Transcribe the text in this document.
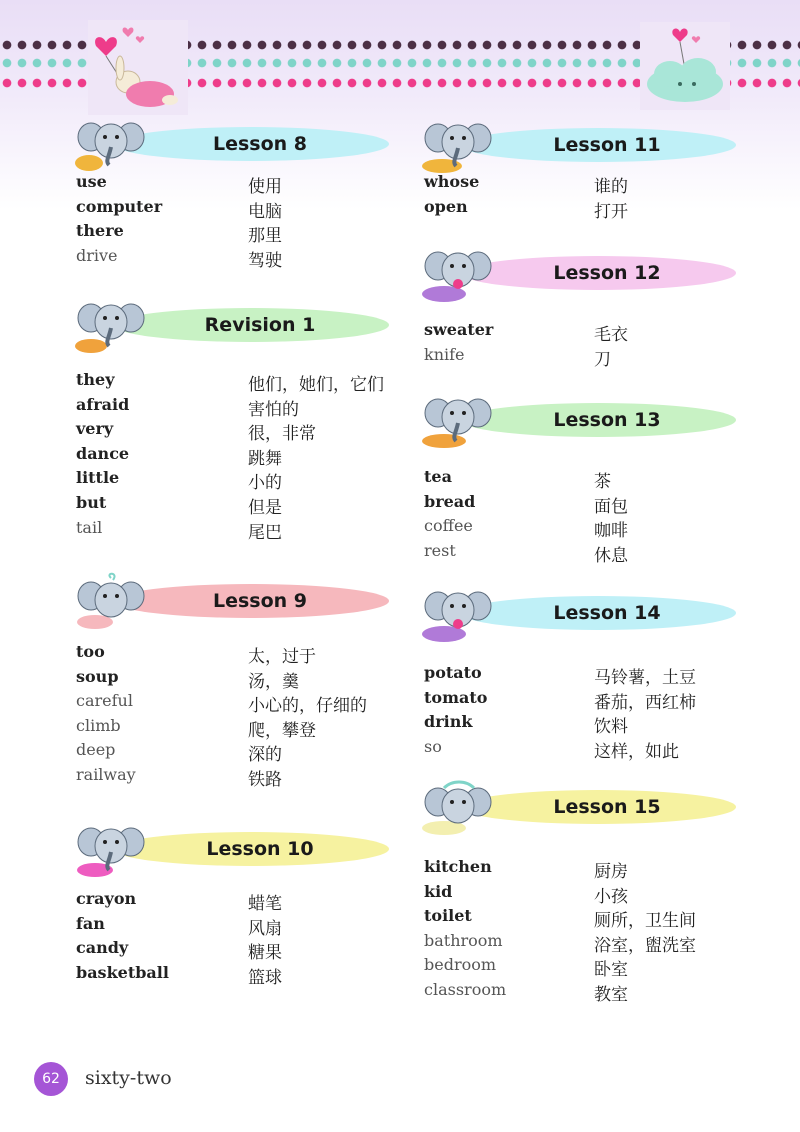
Lesson 8
use	使用
computer	电脑
there	那里
drive	驾驶
Revision 1
they	他们，她们，它们
afraid	害怕的
very	很，非常
dance	跳舞
little	小的
but	但是
tail	尾巴
Lesson 9
too	太，过于
soup	汤，羹
careful	小心的，仔细的
climb	爬，攀登
deep	深的
railway	铁路
Lesson 10
crayon	蜡笔
fan	风扇
candy	糖果
basketball	篮球
Lesson 11
whose	谁的
open	打开
Lesson 12
sweater	毛衣
knife	刀
Lesson 13
tea	茶
bread	面包
coffee	咖啡
rest	休息
Lesson 14
potato	马铃薯，土豆
tomato	番茄，西红柿
drink	饮料
so	这样，如此
Lesson 15
kitchen	厨房
kid	小孩
toilet	厕所，卫生间
bathroom	浴室，盥洗室
bedroom	卧室
classroom	教室
62	sixty-two
